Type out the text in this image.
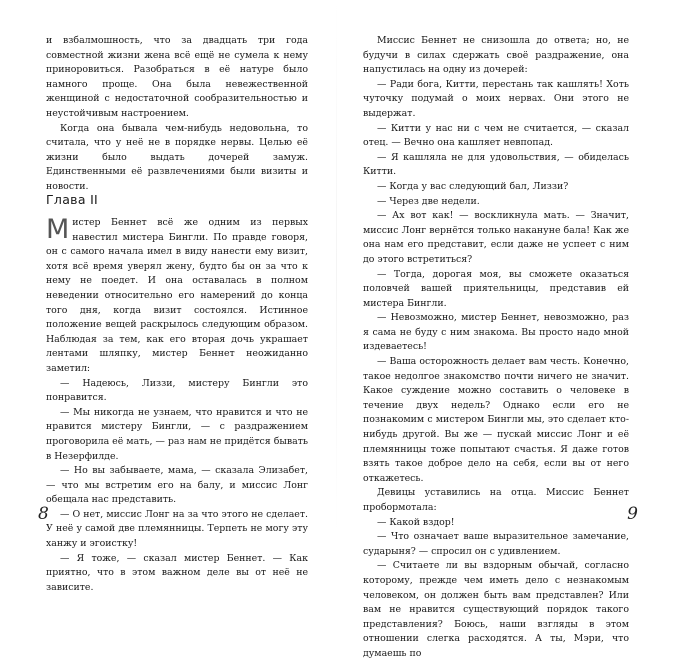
и взбалмошность, что за двадцать три года совместной жизни жена всё ещё не сумела к нему приноровиться. Разобраться в её натуре было намного проще. Она была невежественной женщиной с недостаточной сообразительностью и неустойчивым настроением.

Когда она бывала чем-нибудь недовольна, то считала, что у неё не в порядке нервы. Целью её жизни было выдать дочерей замуж. Единственными её развлечениями были визиты и новости.

Глава II

Мистер Беннет всё же одним из первых навестил мистера Бингли. По правде говоря, он с самого начала имел в виду нанести ему визит, хотя всё время уверял жену, будто бы он за что к нему не поедет. И она оставалась в полном неведении относительно его намерений до конца того дня, когда визит состоялся. Истинное положение вещей раскрылось следующим образом. Наблюдая за тем, как его вторая дочь украшает лентами шляпку, мистер Беннет неожиданно заметил:

— Надеюсь, Лиззи, мистеру Бингли это понравится.

— Мы никогда не узнаем, что нравится и что не нравится мистеру Бингли, — с раздражением проговорила её мать, — раз нам не придётся бывать в Незерфилде.

— Но вы забываете, мама, — сказала Элизабет, — что мы встретим его на балу, и миссис Лонг обещала нас представить.

— О нет, миссис Лонг на за что этого не сделает. У неё у самой две племянницы. Терпеть не могу эту ханжу и эгоистку!

— Я тоже, — сказал мистер Беннет. — Как приятно, что в этом важном деле вы от неё не зависите.

8

Миссис Беннет не снизошла до ответа; но, не будучи в силах сдержать своё раздражение, она напустилась на одну из дочерей:

— Ради бога, Китти, перестань так кашлять! Хоть чуточку подумай о моих нервах. Они этого не выдержат.

— Китти у нас ни с чем не считается, — сказал отец. — Вечно она кашляет невпопад.

— Я кашляла не для удовольствия, — обиделась Китти.

— Когда у вас следующий бал, Лиззи?

— Через две недели.

— Ах вот как! — воскликнула мать. — Значит, миссис Лонг вернётся только накануне бала! Как же она нам его представит, если даже не успеет с ним до этого встретиться?

— Тогда, дорогая моя, вы сможете оказаться половчей вашей приятельницы, представив ей мистера Бингли.

— Невозможно, мистер Беннет, невозможно, раз я сама не буду с ним знакома. Вы просто надо мной издеваетесь!

— Ваша осторожность делает вам честь. Конечно, такое недолгое знакомство почти ничего не значит. Какое суждение можно составить о человеке в течение двух недель? Однако если его не познакомим с мистером Бингли мы, это сделает кто-нибудь другой. Вы же — пускай миссис Лонг и её племянницы тоже попытают счастья. Я даже готов взять такое доброе дело на себя, если вы от него откажетесь.

Девицы уставились на отца. Миссис Беннет пробормотала:

— Какой вздор!

— Что означает ваше выразительное замечание, сударыня? — спросил он с удивлением.

— Считаете ли вы вздорным обычай, согласно которому, прежде чем иметь дело с незнакомым человеком, он должен быть вам представлен? Или вам не нравится существующий порядок такого представления? Боюсь, наши взгляды в этом отношении слегка расходятся. А ты, Мэри, что думаешь по

9
